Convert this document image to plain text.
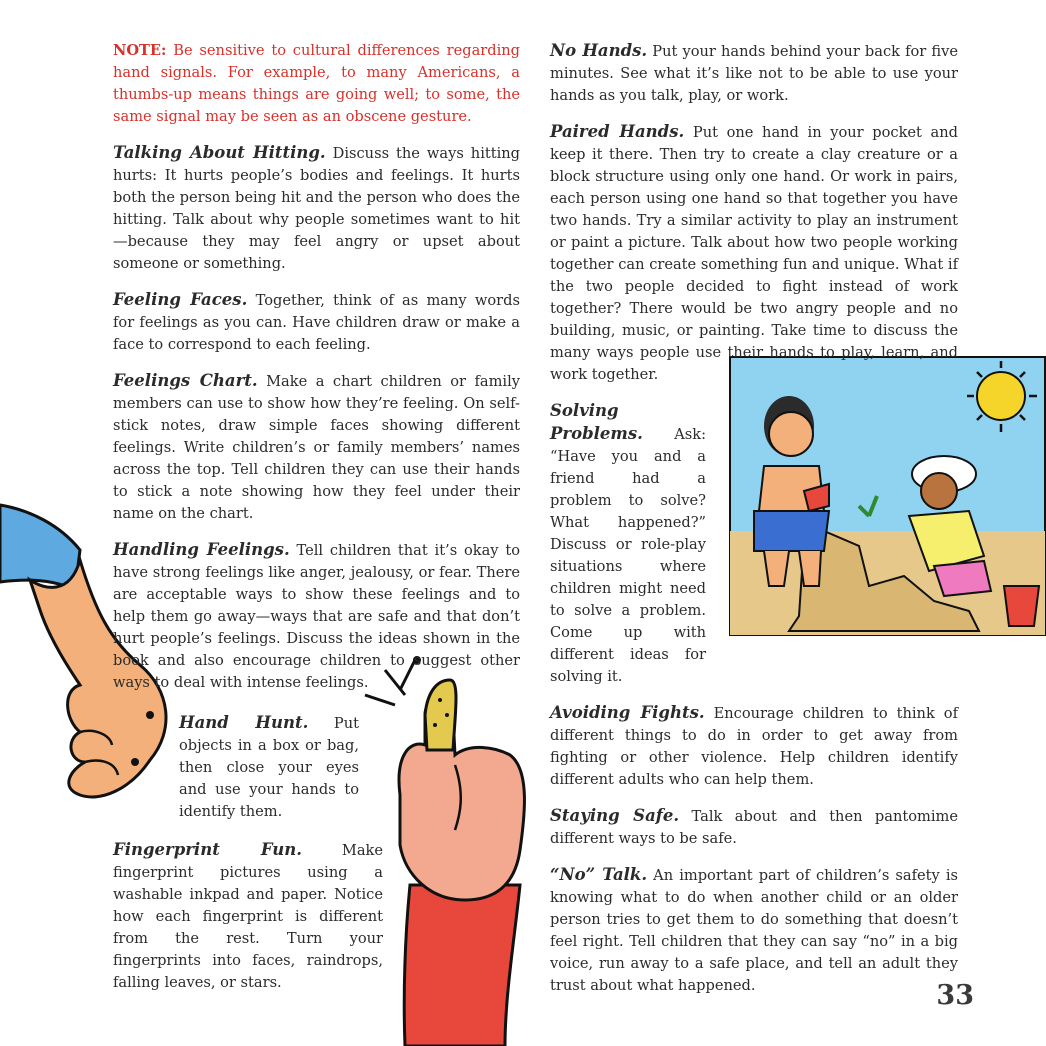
NOTE: Be sensitive to cultural differences regarding hand signals. For example, to many Americans, a thumbs-up means things are going well; to some, the same signal may be seen as an obscene gesture.

Talking About Hitting. Discuss the ways hitting hurts: It hurts people’s bodies and feelings. It hurts both the person being hit and the person who does the hitting. Talk about why people sometimes want to hit—because they may feel angry or upset about someone or something.

Feeling Faces. Together, think of as many words for feelings as you can. Have children draw or make a face to correspond to each feeling.

Feelings Chart. Make a chart children or family members can use to show how they’re feeling. On self-stick notes, draw simple faces showing different feelings. Write children’s or family members’ names across the top. Tell children they can use their hands to stick a note showing how they feel under their name on the chart.

Handling Feelings. Tell children that it’s okay to have strong feelings like anger, jealousy, or fear. There are acceptable ways to show these feelings and to help them go away—ways that are safe and that don’t hurt people’s feelings. Discuss the ideas shown in the book and also encourage children to suggest other ways to deal with intense feelings.

Hand Hunt. Put objects in a box or bag, then close your eyes and use your hands to identify them.

Fingerprint Fun. Make fingerprint pictures using a washable inkpad and paper. Notice how each fingerprint is different from the rest. Turn your fingerprints into faces, raindrops, falling leaves, or stars.

No Hands. Put your hands behind your back for five minutes. See what it’s like not to be able to use your hands as you talk, play, or work.

Paired Hands. Put one hand in your pocket and keep it there. Then try to create a clay creature or a block structure using only one hand. Or work in pairs, each person using one hand so that together you have two hands. Try a similar activity to play an instrument or paint a picture. Talk about how two people working together can create something fun and unique. What if the two people decided to fight instead of work together? There would be two angry people and no building, music, or painting. Take time to discuss the many ways people use their hands to play, learn, and work together.

Solving Problems. Ask: “Have you and a friend had a problem to solve? What happened?” Discuss or role-play situations where children might need to solve a problem. Come up with different ideas for solving it.

Avoiding Fights. Encourage children to think of different things to do in order to get away from fighting or other violence. Help children identify different adults who can help them.

Staying Safe. Talk about and then pantomime different ways to be safe.

“No” Talk. An important part of children’s safety is knowing what to do when another child or an older person tries to get them to do something that doesn’t feel right. Tell children that they can say “no” in a big voice, run away to a safe place, and tell an adult they trust about what happened.	33
